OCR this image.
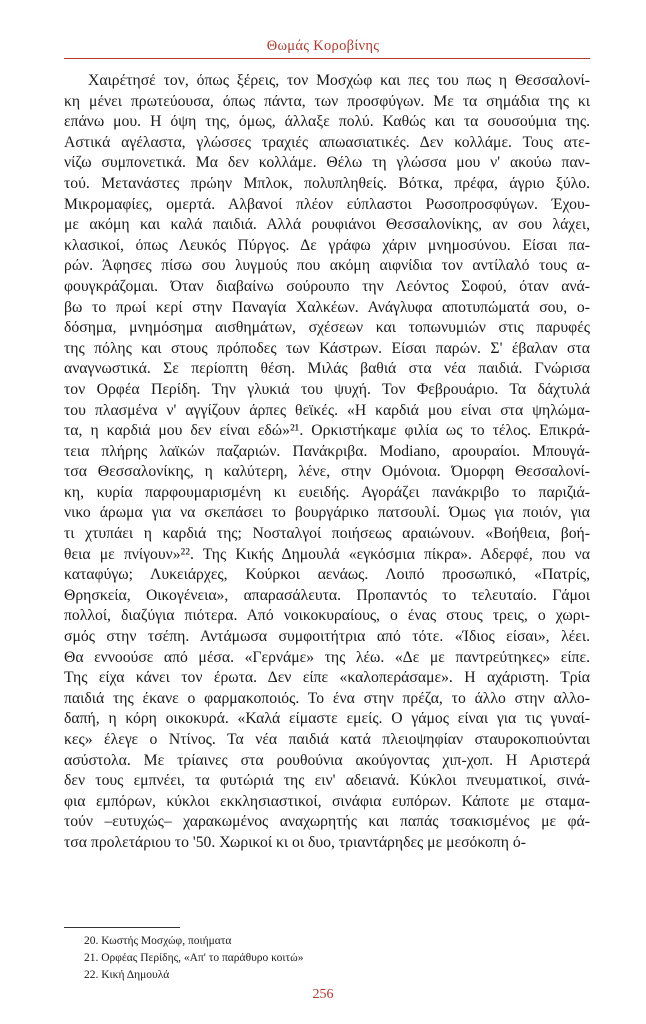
Θωμάς Κοροβίνης
Χαιρέτησέ τον, όπως ξέρεις, τον Μοσχώφ και πες του πως η Θεσσαλονί-
κη μένει πρωτεύουσα, όπως πάντα, των προσφύγων. Με τα σημάδια της κι
επάνω μου. Η όψη της, όμως, άλλαξε πολύ. Καθώς και τα σουσούμια της.
Αστικά αγέλαστα, γλώσσες τραχιές απωασιατικές. Δεν κολλάμε. Τους ατε-
νίζω συμπονετικά. Μα δεν κολλάμε. Θέλω τη γλώσσα μου ν' ακούω παν-
τού. Μετανάστες πρώην Μπλοκ, πολυπληθείς. Βότκα, πρέφα, άγριο ξύλο.
Μικρομαφίες, ομερτά. Αλβανοί πλέον εύπλαστοι Ρωσοπροσφύγων. Έχου-
με ακόμη και καλά παιδιά. Αλλά ρουφιάνοι Θεσσαλονίκης, αν σου λάχει,
κλασικοί, όπως Λευκός Πύργος. Δε γράφω χάριν μνημοσύνου. Είσαι πα-
ρών. Άφησες πίσω σου λυγμούς που ακόμη αιφνίδια τον αντίλαλό τους α-
φουγκράζομαι. Όταν διαβαίνω σούρουπο την Λεόντος Σοφού, όταν ανά-
βω το πρωί κερί στην Παναγία Χαλκέων. Ανάγλυφα αποτυπώματά σου, ο-
δόσημα, μνημόσημα αισθημάτων, σχέσεων και τοπωνυμιών στις παρυφές
της πόλης και στους πρόποδες των Κάστρων. Είσαι παρών. Σ' έβαλαν στα
αναγνωστικά. Σε περίοπτη θέση. Μιλάς βαθιά στα νέα παιδιά. Γνώρισα
τον Ορφέα Περίδη. Την γλυκιά του ψυχή. Τον Φεβρουάριο. Τα δάχτυλά
του πλασμένα ν' αγγίζουν άρπες θεϊκές. «Η καρδιά μου είναι στα ψηλώμα-
τα, η καρδιά μου δεν είναι εδώ»²¹. Ορκιστήκαμε φιλία ως το τέλος. Επικρά-
τεια πλήρης λαϊκών παζαριών. Πανάκριβα. Modiano, αρουραίοι. Μπουγά-
τσα Θεσσαλονίκης, η καλύτερη, λένε, στην Ομόνοια. Όμορφη Θεσσαλονί-
κη, κυρία παρφουμαρισμένη κι ευειδής. Αγοράζει πανάκριβο το παριζιά-
νικο άρωμα για να σκεπάσει το βουργάρικο πατσουλί. Όμως για ποιόν, για
τι χτυπάει η καρδιά της; Νοσταλγοί ποιήσεως αραιώνουν. «Βοήθεια, βοή-
θεια με πνίγουν»²². Της Κικής Δημουλά «εγκόσμια πίκρα». Αδερφέ, που να
καταφύγω; Λυκειάρχες, Κούρκοι αενάως. Λοιπό προσωπικό, «Πατρίς,
Θρησκεία, Οικογένεια», απαρασάλευτα. Προπαντός το τελευταίο. Γάμοι
πολλοί, διαζύγια πιότερα. Από νοικοκυραίους, ο ένας στους τρεις, ο χωρι-
σμός στην τσέπη. Αντάμωσα συμφοιτήτρια από τότε. «Ίδιος είσαι», λέει.
Θα εννοούσε από μέσα. «Γερνάμε» της λέω. «Δε με παντρεύτηκες» είπε.
Της είχα κάνει τον έρωτα. Δεν είπε «καλοπεράσαμε». Η αχάριστη. Τρία
παιδιά της έκανε ο φαρμακοποιός. Το ένα στην πρέζα, το άλλο στην αλλο-
δαπή, η κόρη οικοκυρά. «Καλά είμαστε εμείς. Ο γάμος είναι για τις γυναί-
κες» έλεγε ο Ντίνος. Τα νέα παιδιά κατά πλειοψηφίαν σταυροκοπιούνται
ασύστολα. Με τρίαινες στα ρουθούνια ακούγοντας χιπ-χοπ. Η Αριστερά
δεν τους εμπνέει, τα φυτώριά της ειν' αδειανά. Κύκλοι πνευματικοί, σινά-
φια εμπόρων, κύκλοι εκκλησιαστικοί, σινάφια ευπόρων. Κάποτε με σταμα-
τούν –ευτυχώς– χαρακωμένος αναχωρητής και παπάς τσακισμένος με φά-
τσα προλετάριου το '50. Χωρικοί κι οι δυο, τριαντάρηδες με μεσόκοπη ό-
20. Κωστής Μοσχώφ, ποιήματα
21. Ορφέας Περίδης, «Απ' το παράθυρο κοιτώ»
22. Κική Δημουλά
256
